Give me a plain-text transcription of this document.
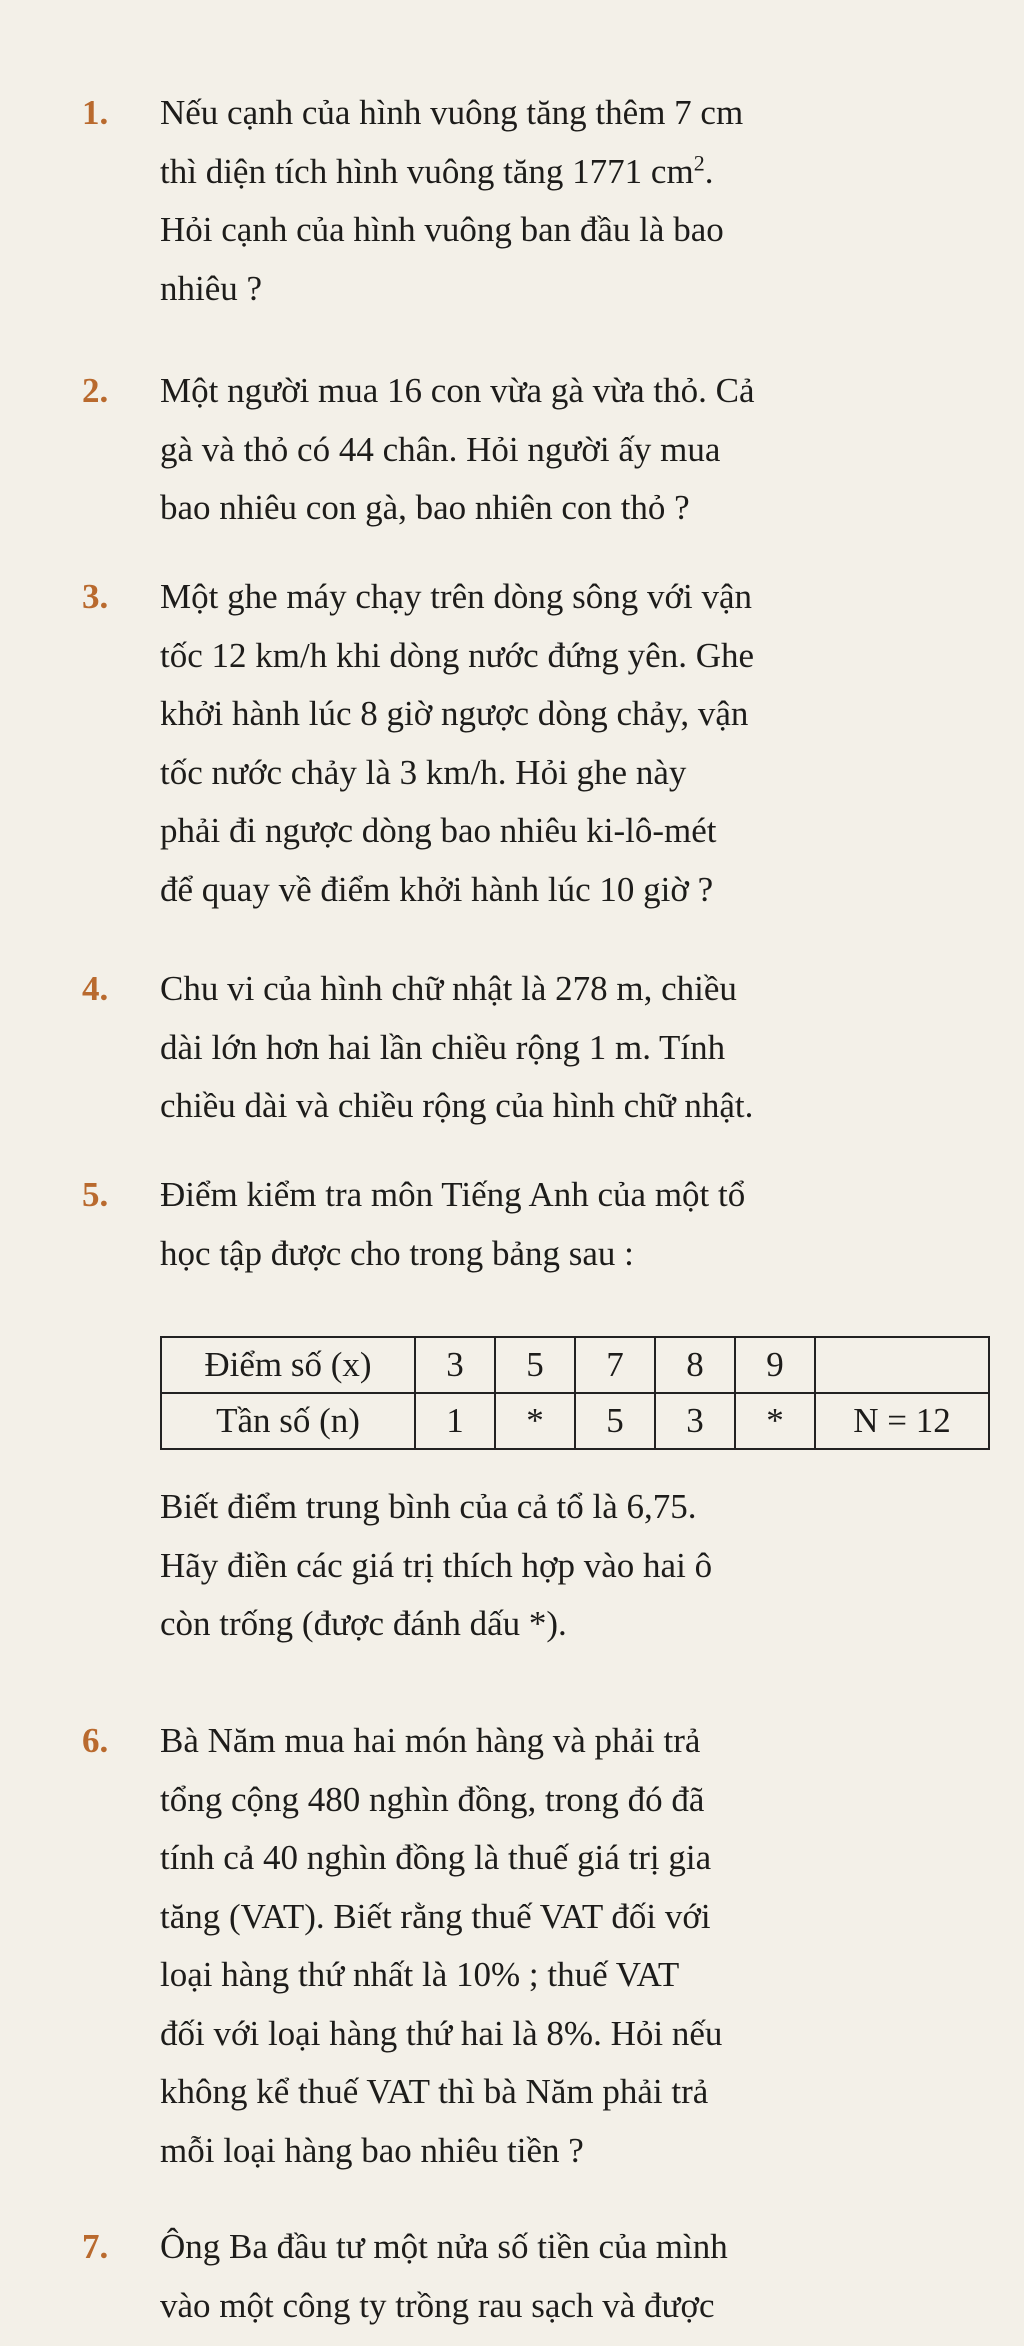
1. Nếu cạnh của hình vuông tăng thêm 7 cm
thì diện tích hình vuông tăng 1771 $cm^2$.
Hỏi cạnh của hình vuông ban đầu là bao
nhiêu ?
2. Một người mua 16 con vừa gà vừa thỏ. Cả
gà và thỏ có 44 chân. Hỏi người ấy mua
bao nhiêu con gà, bao nhiên con thỏ ?
3. Một ghe máy chạy trên dòng sông với vận
tốc 12 km/h khi dòng nước đứng yên. Ghe
khởi hành lúc 8 giờ ngược dòng chảy, vận
tốc nước chảy là 3 km/h. Hỏi ghe này
phải đi ngược dòng bao nhiêu ki-lô-mét
để quay về điểm khởi hành lúc 10 giờ ?
4. Chu vi của hình chữ nhật là 278 m, chiều
dài lớn hơn hai lần chiều rộng 1 m. Tính
chiều dài và chiều rộng của hình chữ nhật.
5. Điểm kiểm tra môn Tiếng Anh của một tổ
học tập được cho trong bảng sau :
Điểm số (x)	3	5	7	8	9	
Tần số (n)	1	*	5	3	*	N = 12
Biết điểm trung bình của cả tổ là 6,75.
Hãy điền các giá trị thích hợp vào hai ô
còn trống (được đánh dấu *).
6. Bà Năm mua hai món hàng và phải trả
tổng cộng 480 nghìn đồng, trong đó đã
tính cả 40 nghìn đồng là thuế giá trị gia
tăng (VAT). Biết rằng thuế VAT đối với
loại hàng thứ nhất là 10% ; thuế VAT
đối với loại hàng thứ hai là 8%. Hỏi nếu
không kể thuế VAT thì bà Năm phải trả
mỗi loại hàng bao nhiêu tiền ?
7. Ông Ba đầu tư một nửa số tiền của mình
vào một công ty trồng rau sạch và được
